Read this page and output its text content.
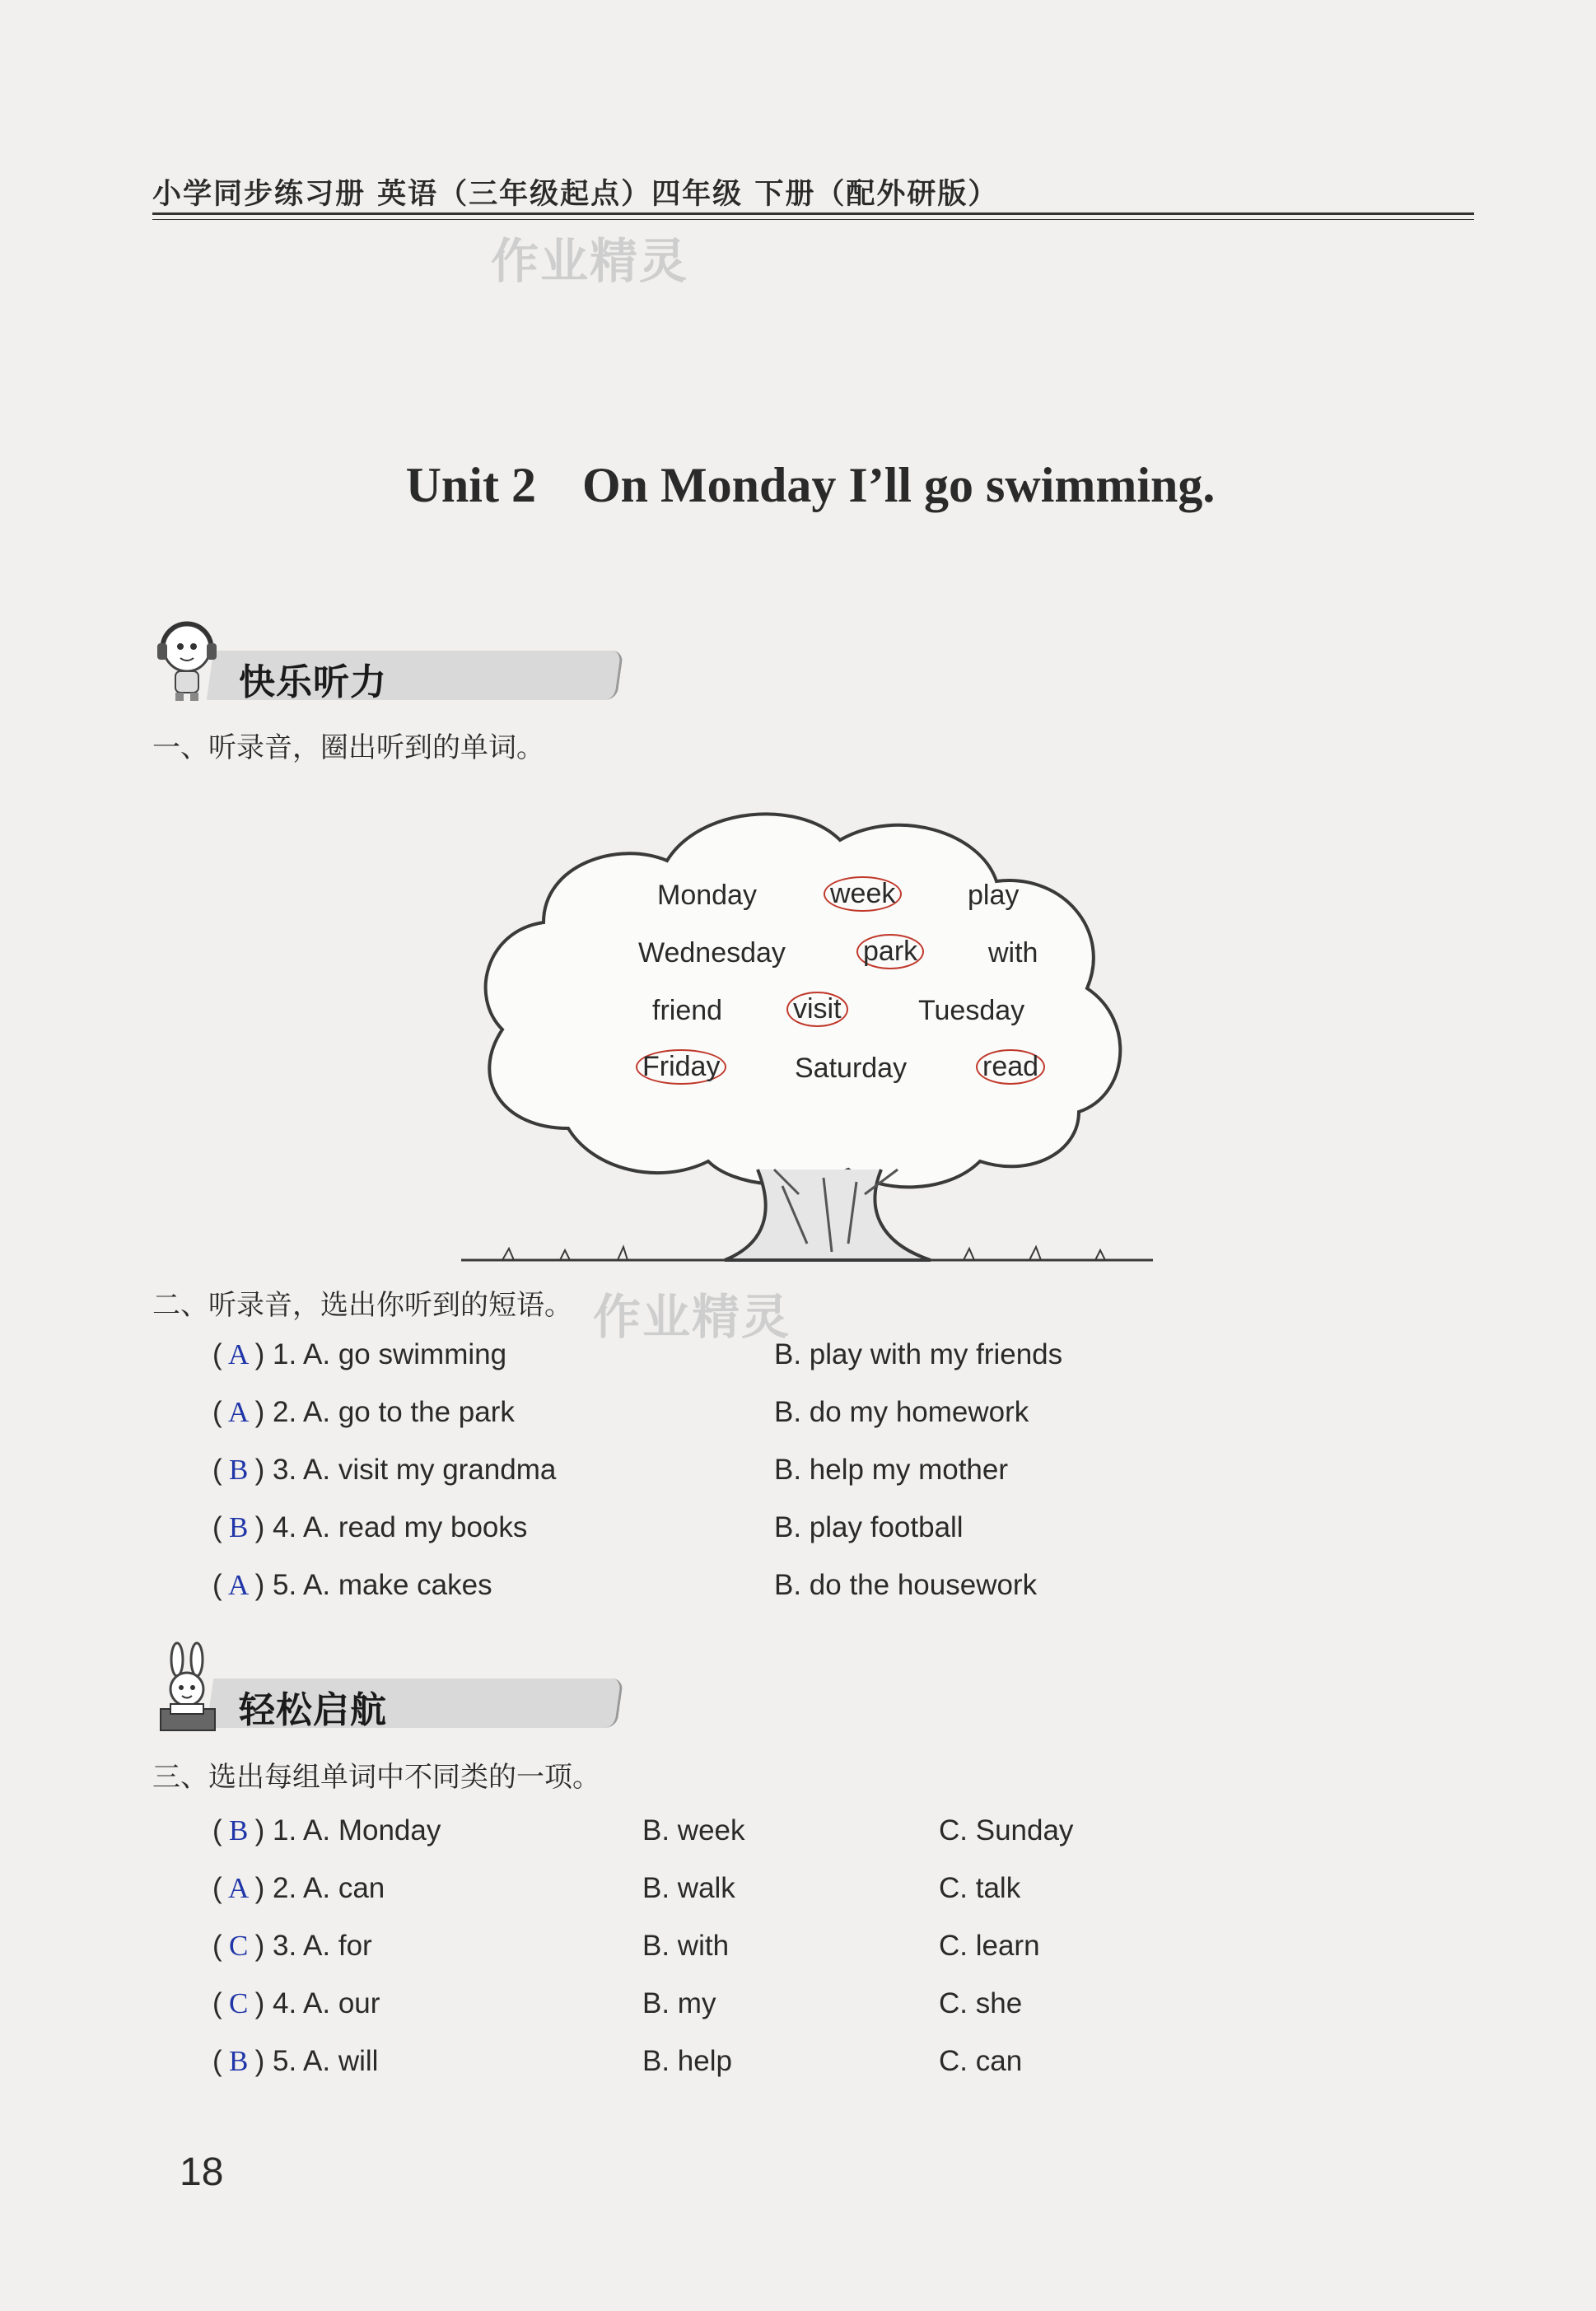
小学同步练习册 英语（三年级起点）四年级 下册（配外研版）
作业精灵
Unit 2 On Monday I’ll go swimming.
快乐听力
一、听录音，圈出听到的单词。
Monday	week	play
Wednesday	park	with
friend	visit	Tuesday
Friday	Saturday	read
二、听录音，选出你听到的短语。 作业精灵
( A ) 1. A. go swimming	B. play with my friends
( A ) 2. A. go to the park	B. do my homework
( B ) 3. A. visit my grandma	B. help my mother
( B ) 4. A. read my books	B. play football
( A ) 5. A. make cakes	B. do the housework
轻松启航
三、选出每组单词中不同类的一项。
( B ) 1. A. Monday	B. week	C. Sunday
( A ) 2. A. can	B. walk	C. talk
( C ) 3. A. for	B. with	C. learn
( C ) 4. A. our	B. my	C. she
( B ) 5. A. will	B. help	C. can
18
